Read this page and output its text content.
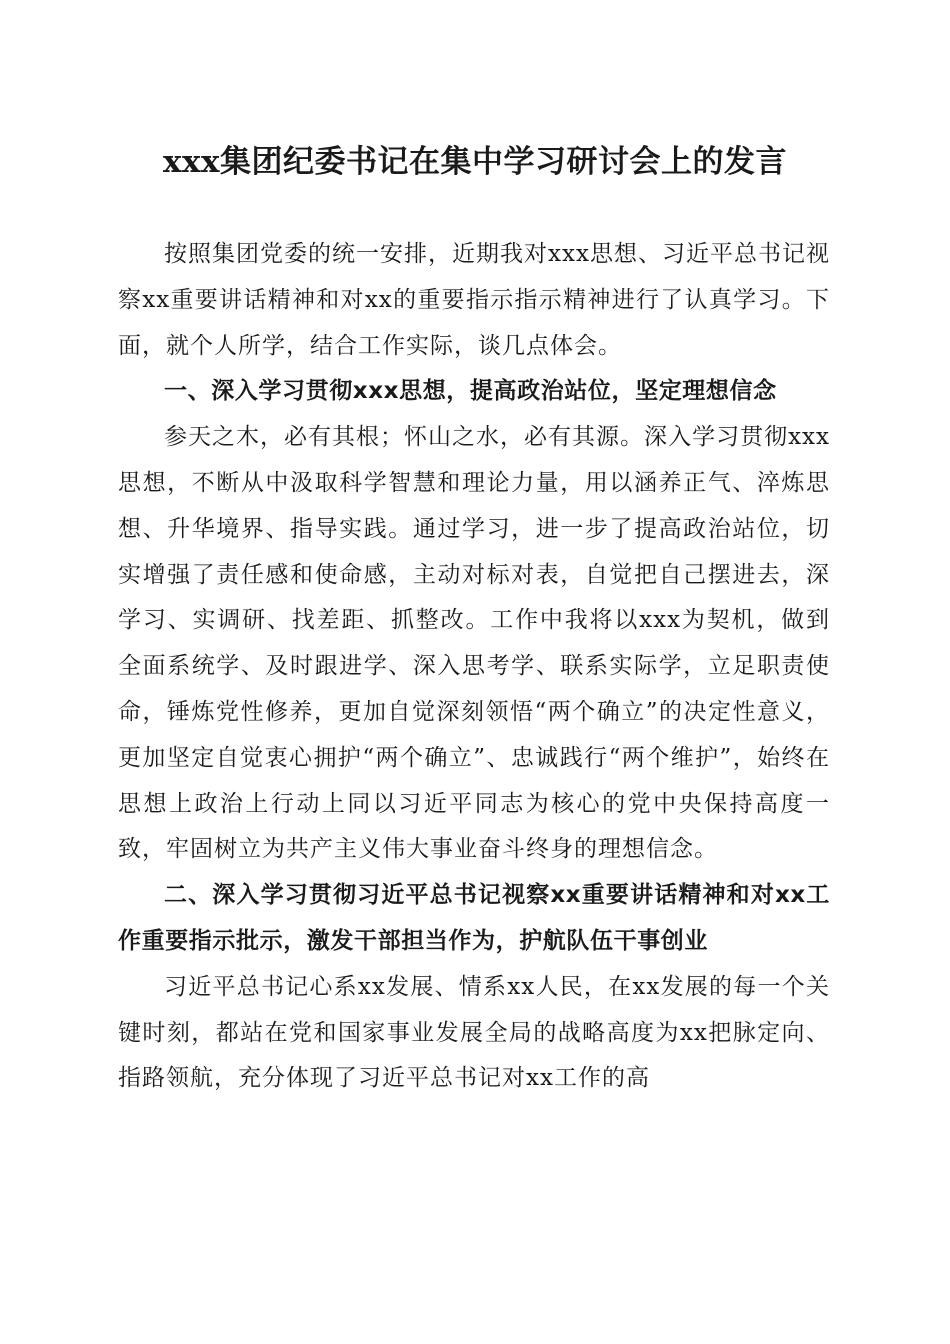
xxx集团纪委书记在集中学习研讨会上的发言

按照集团党委的统一安排，近期我对xxx思想、习近平总书记视察xx重要讲话精神和对xx的重要指示指示精神进行了认真学习。下面，就个人所学，结合工作实际，谈几点体会。

一、深入学习贯彻xxx思想，提高政治站位，坚定理想信念

参天之木，必有其根；怀山之水，必有其源。深入学习贯彻xxx思想，不断从中汲取科学智慧和理论力量，用以涵养正气、淬炼思想、升华境界、指导实践。通过学习，进一步了提高政治站位，切实增强了责任感和使命感，主动对标对表，自觉把自己摆进去，深学习、实调研、找差距、抓整改。工作中我将以xxx为契机，做到全面系统学、及时跟进学、深入思考学、联系实际学，立足职责使命，锤炼党性修养，更加自觉深刻领悟“两个确立”的决定性意义，更加坚定自觉衷心拥护“两个确立”、忠诚践行“两个维护”，始终在思想上政治上行动上同以习近平同志为核心的党中央保持高度一致，牢固树立为共产主义伟大事业奋斗终身的理想信念。

二、深入学习贯彻习近平总书记视察xx重要讲话精神和对xx工作重要指示批示，激发干部担当作为，护航队伍干事创业

习近平总书记心系xx发展、情系xx人民，在xx发展的每一个关键时刻，都站在党和国家事业发展全局的战略高度为xx把脉定向、指路领航，充分体现了习近平总书记对xx工作的高
